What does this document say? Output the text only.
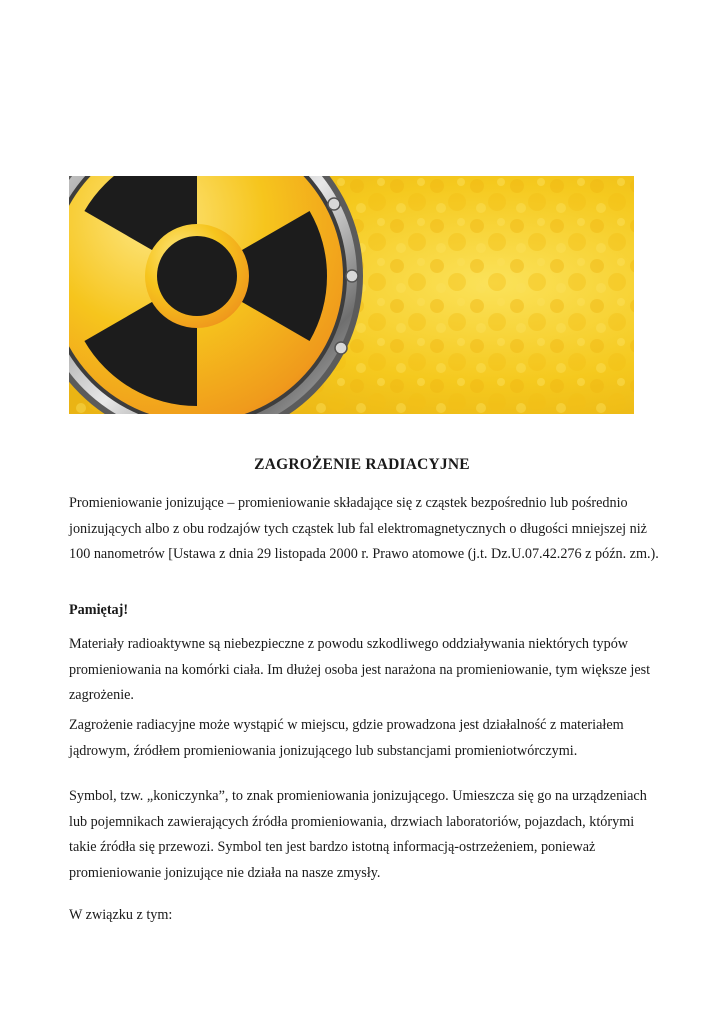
ZAGROŻENIE RADIACYJNE

Promieniowanie jonizujące – promieniowanie składające się z cząstek bezpośrednio lub pośrednio jonizujących albo z obu rodzajów tych cząstek lub fal elektromagnetycznych o długości mniejszej niż 100 nanometrów [Ustawa z dnia 29 listopada 2000 r. Prawo atomowe (j.t. Dz.U.07.42.276 z późn. zm.).

Pamiętaj!

Materiały radioaktywne są niebezpieczne z powodu szkodliwego oddziaływania niektórych typów promieniowania na komórki ciała. Im dłużej osoba jest narażona na promieniowanie, tym większe jest zagrożenie.

Zagrożenie radiacyjne może wystąpić w miejscu, gdzie prowadzona jest działalność z materiałem jądrowym, źródłem promieniowania jonizującego lub substancjami promieniotwórczymi.

Symbol, tzw. „koniczynka”, to znak promieniowania jonizującego. Umieszcza się go na urządzeniach lub pojemnikach zawierających źródła promieniowania, drzwiach laboratoriów, pojazdach, którymi takie źródła się przewozi. Symbol ten jest bardzo istotną informacją-ostrzeżeniem, ponieważ promieniowanie jonizujące nie działa na nasze zmysły.

W związku z tym:
